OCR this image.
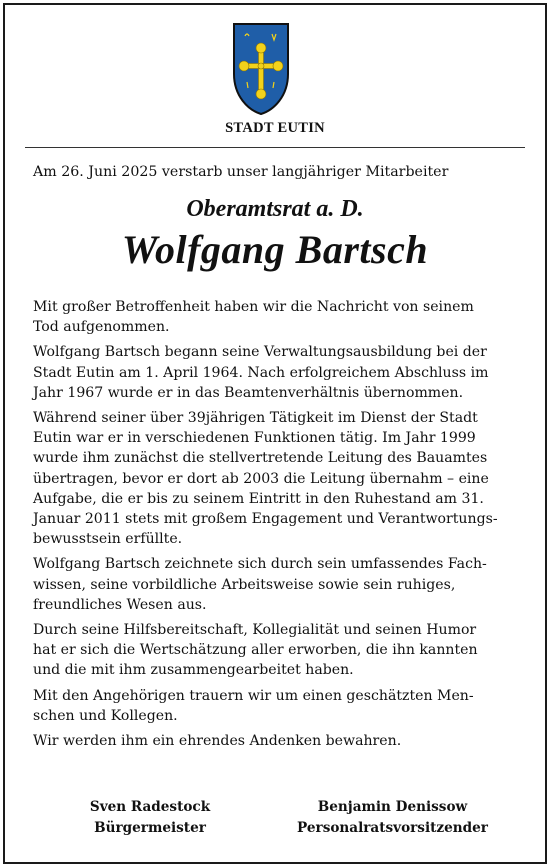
STADT EUTIN
Am 26. Juni 2025 verstarb unser langjähriger Mitarbeiter
Oberamtsrat a. D.
Wolfgang Bartsch

Mit großer Betroffenheit haben wir die Nachricht von seinem
Tod aufgenommen.

Wolfgang Bartsch begann seine Verwaltungsausbildung bei der
Stadt Eutin am 1. April 1964. Nach erfolgreichem Abschluss im
Jahr 1967 wurde er in das Beamtenverhältnis übernommen.

Während seiner über 39jährigen Tätigkeit im Dienst der Stadt
Eutin war er in verschiedenen Funktionen tätig. Im Jahr 1999
wurde ihm zunächst die stellvertretende Leitung des Bauamtes
übertragen, bevor er dort ab 2003 die Leitung übernahm – eine
Aufgabe, die er bis zu seinem Eintritt in den Ruhestand am 31.
Januar 2011 stets mit großem Engagement und Verantwortungs-
bewusstsein erfüllte.

Wolfgang Bartsch zeichnete sich durch sein umfassendes Fach-
wissen, seine vorbildliche Arbeitsweise sowie sein ruhiges,
freundliches Wesen aus.

Durch seine Hilfsbereitschaft, Kollegialität und seinen Humor
hat er sich die Wertschätzung aller erworben, die ihn kannten
und die mit ihm zusammengearbeitet haben.

Mit den Angehörigen trauern wir um einen geschätzten Men-
schen und Kollegen.

Wir werden ihm ein ehrendes Andenken bewahren.

Sven Radestock
Bürgermeister
Benjamin Denissow
Personalratsvorsitzender
